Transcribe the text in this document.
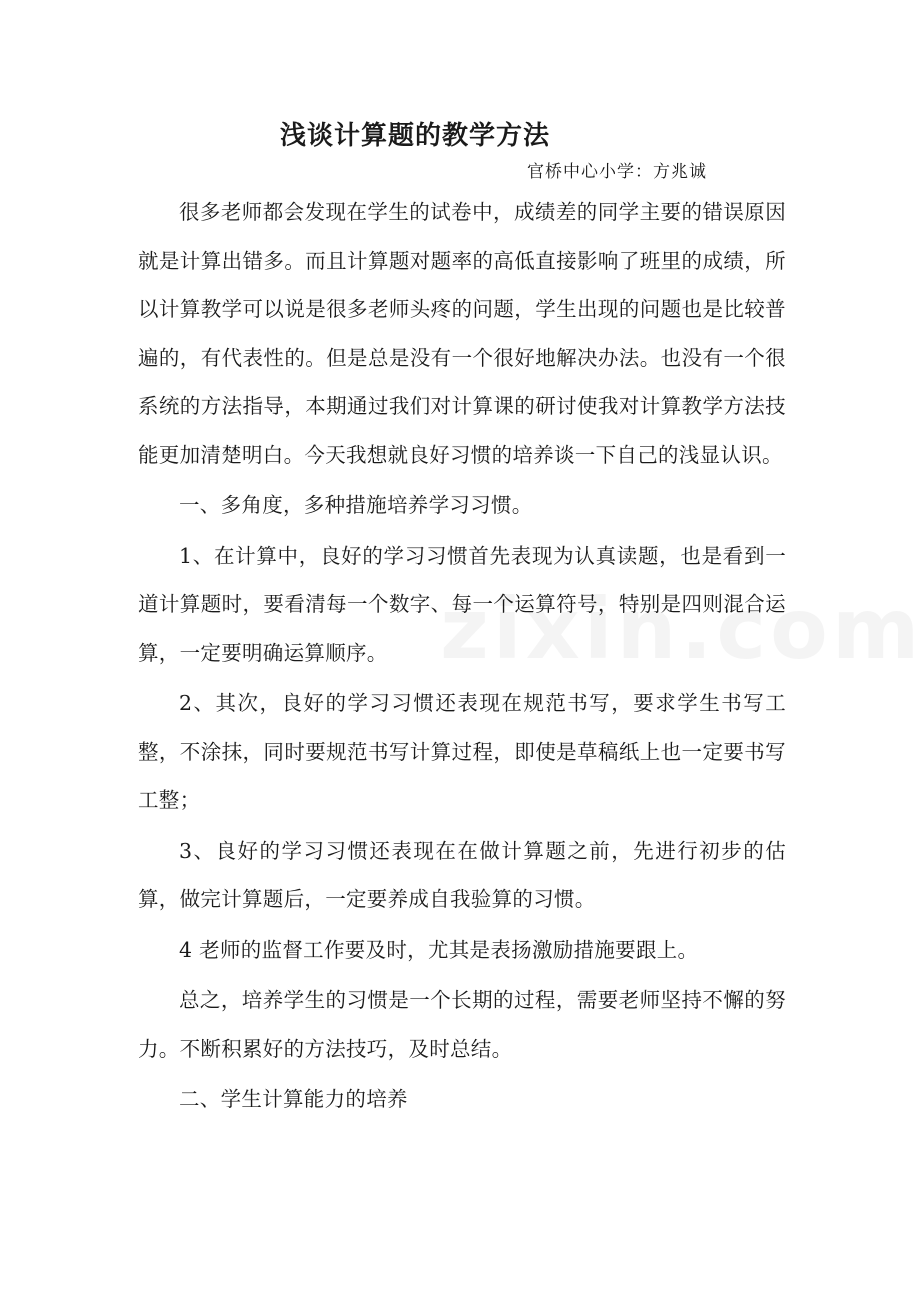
浅谈计算题的教学方法

官桥中心小学：方兆诚

很多老师都会发现在学生的试卷中，成绩差的同学主要的错误原因就是计算出错多。而且计算题对题率的高低直接影响了班里的成绩，所以计算教学可以说是很多老师头疼的问题，学生出现的问题也是比较普遍的，有代表性的。但是总是没有一个很好地解决办法。也没有一个很系统的方法指导，本期通过我们对计算课的研讨使我对计算教学方法技能更加清楚明白。今天我想就良好习惯的培养谈一下自己的浅显认识。

一、多角度，多种措施培养学习习惯。

1、在计算中，良好的学习习惯首先表现为认真读题，也是看到一道计算题时，要看清每一个数字、每一个运算符号，特别是四则混合运算，一定要明确运算顺序。

2、其次，良好的学习习惯还表现在规范书写，要求学生书写工整，不涂抹，同时要规范书写计算过程，即使是草稿纸上也一定要书写工整；

3、良好的学习习惯还表现在在做计算题之前，先进行初步的估算，做完计算题后，一定要养成自我验算的习惯。

4 老师的监督工作要及时，尤其是表扬激励措施要跟上。

总之，培养学生的习惯是一个长期的过程，需要老师坚持不懈的努力。不断积累好的方法技巧，及时总结。

二、学生计算能力的培养
